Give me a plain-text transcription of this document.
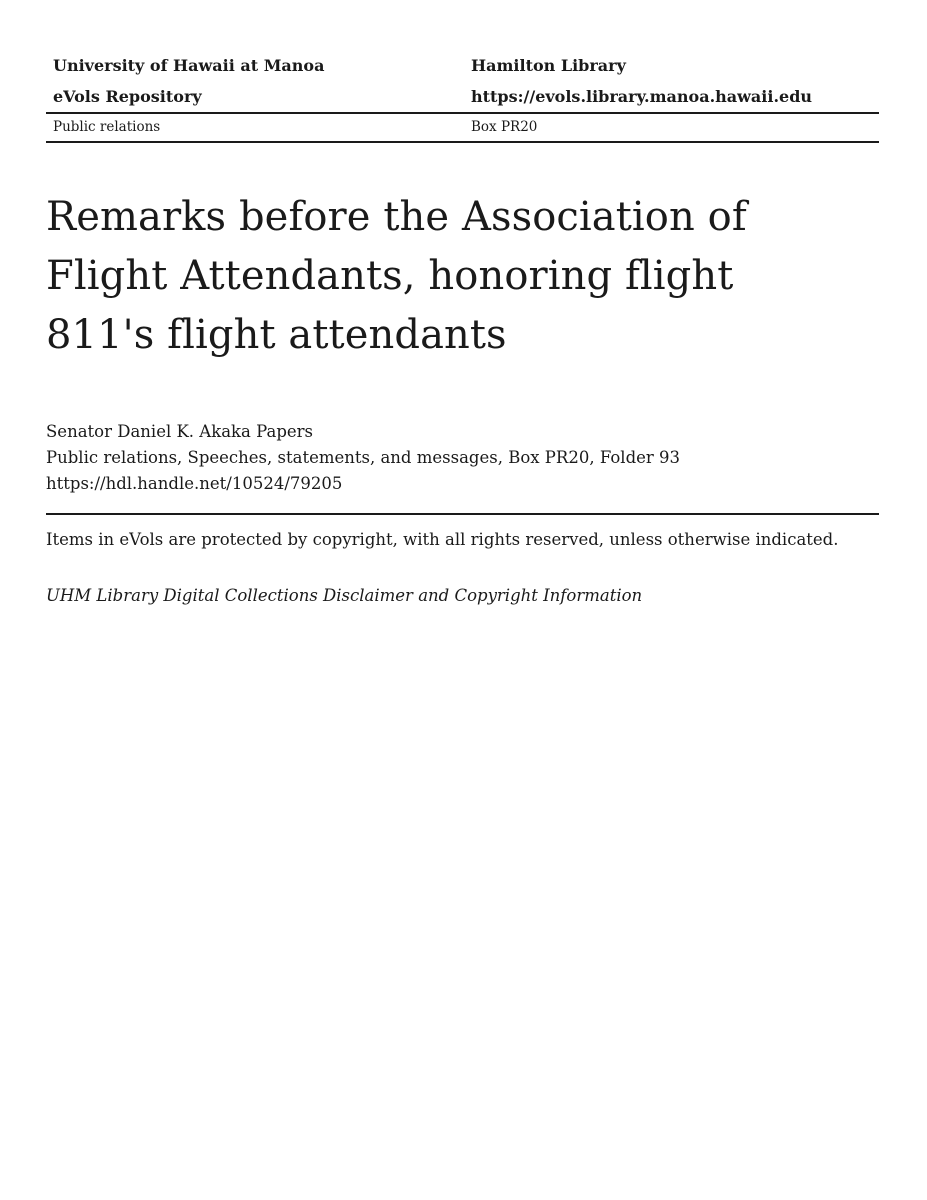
University of Hawaii at Manoa	Hamilton Library
eVols Repository	https://evols.library.manoa.hawaii.edu
Public relations	Box PR20
Remarks before the Association of Flight Attendants, honoring flight 811's flight attendants
Senator Daniel K. Akaka Papers
Public relations, Speeches, statements, and messages, Box PR20, Folder 93
https://hdl.handle.net/10524/79205
Items in eVols are protected by copyright, with all rights reserved, unless otherwise indicated.
UHM Library Digital Collections Disclaimer and Copyright Information
